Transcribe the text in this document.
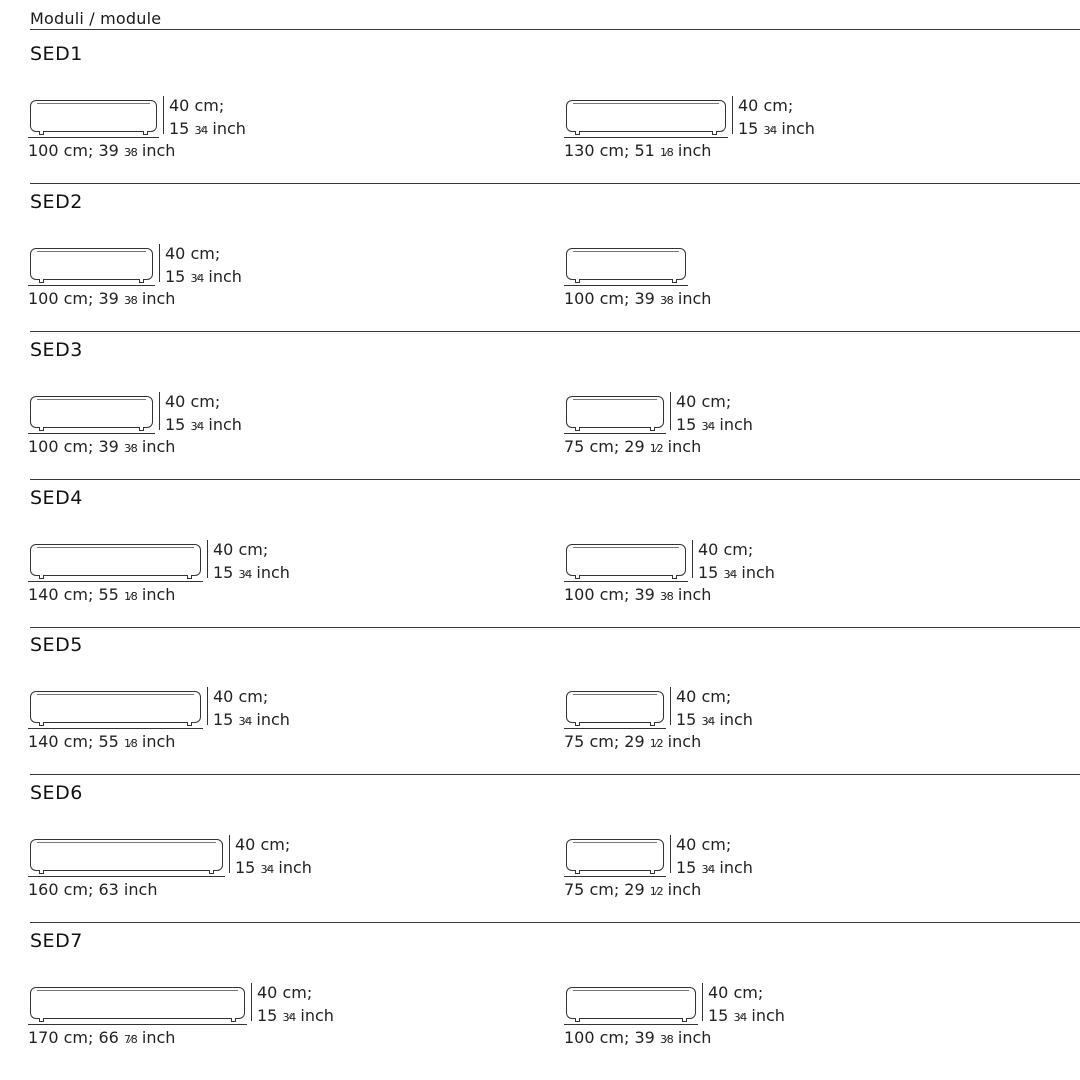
Moduli / module
SED1
100 cm; 39 3⁄8 inch
40 cm;
15 3⁄4 inch
130 cm; 51 1⁄8 inch
40 cm;
15 3⁄4 inch
SED2
100 cm; 39 3⁄8 inch
40 cm;
15 3⁄4 inch
100 cm; 39 3⁄8 inch
SED3
100 cm; 39 3⁄8 inch
40 cm;
15 3⁄4 inch
75 cm; 29 1⁄2 inch
40 cm;
15 3⁄4 inch
SED4
140 cm; 55 1⁄8 inch
40 cm;
15 3⁄4 inch
100 cm; 39 3⁄8 inch
40 cm;
15 3⁄4 inch
SED5
140 cm; 55 1⁄8 inch
40 cm;
15 3⁄4 inch
75 cm; 29 1⁄2 inch
40 cm;
15 3⁄4 inch
SED6
160 cm; 63 inch
40 cm;
15 3⁄4 inch
75 cm; 29 1⁄2 inch
40 cm;
15 3⁄4 inch
SED7
170 cm; 66 7⁄8 inch
40 cm;
15 3⁄4 inch
100 cm; 39 3⁄8 inch
40 cm;
15 3⁄4 inch
